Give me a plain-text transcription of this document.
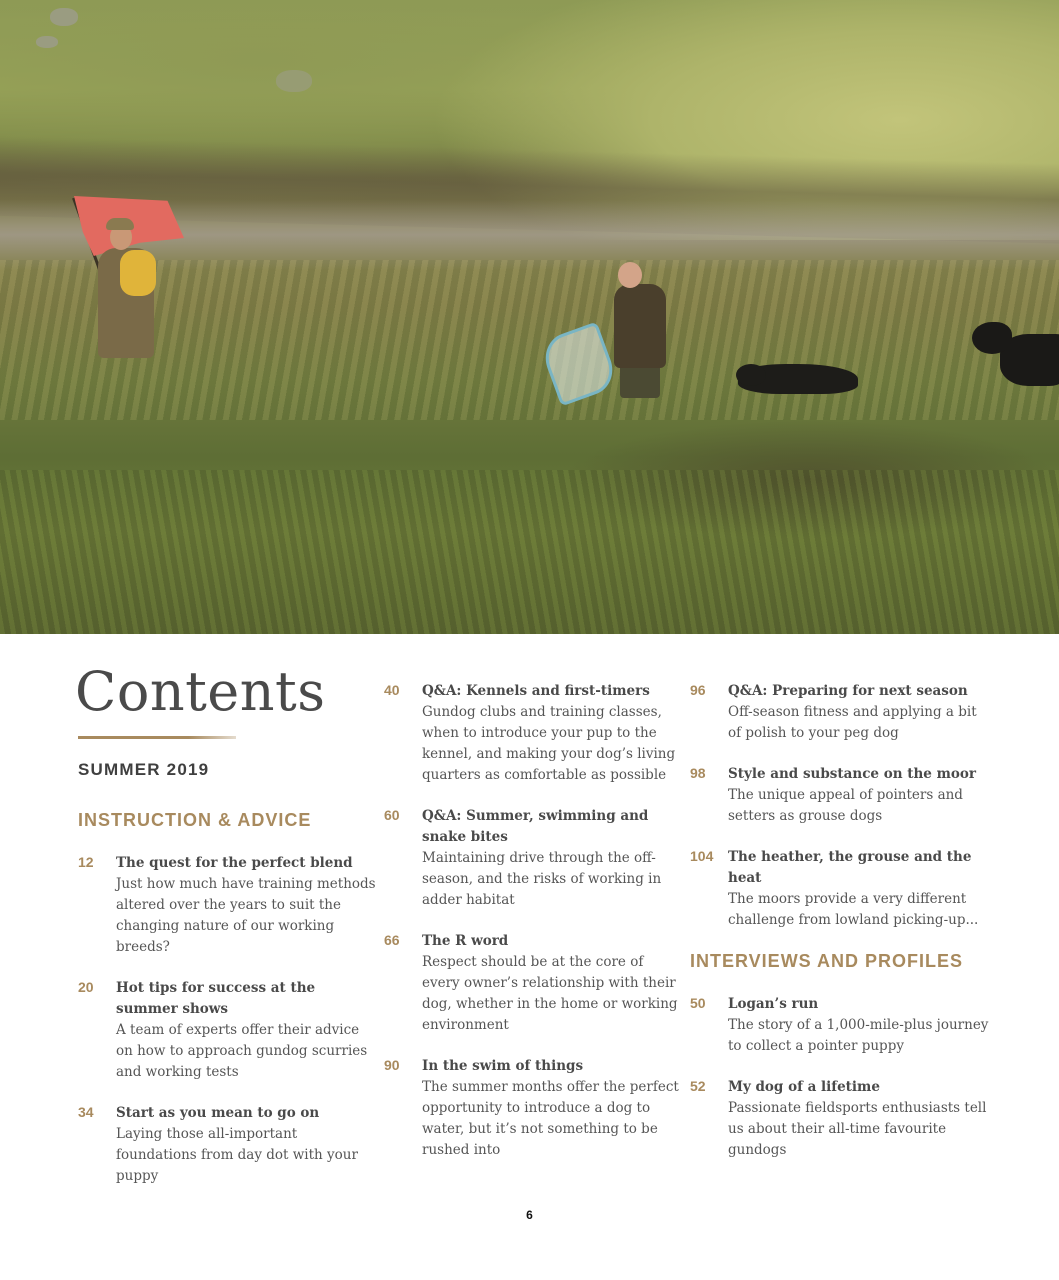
Contents
SUMMER 2019
INSTRUCTION & ADVICE
12 The quest for the perfect blend
Just how much have training methods altered over the years to suit the changing nature of our working breeds?
20 Hot tips for success at the summer shows
A team of experts offer their advice on how to approach gundog scurries and working tests
34 Start as you mean to go on
Laying those all-important foundations from day dot with your puppy
40 Q&A: Kennels and first-timers
Gundog clubs and training classes, when to introduce your pup to the kennel, and making your dog’s living quarters as comfortable as possible
60 Q&A: Summer, swimming and snake bites
Maintaining drive through the off-season, and the risks of working in adder habitat
66 The R word
Respect should be at the core of every owner’s relationship with their dog, whether in the home or working environment
90 In the swim of things
The summer months offer the perfect opportunity to introduce a dog to water, but it’s not something to be rushed into
96 Q&A: Preparing for next season
Off-season fitness and applying a bit of polish to your peg dog
98 Style and substance on the moor
The unique appeal of pointers and setters as grouse dogs
104 The heather, the grouse and the heat
The moors provide a very different challenge from lowland picking-up...
INTERVIEWS AND PROFILES
50 Logan’s run
The story of a 1,000-mile-plus journey to collect a pointer puppy
52 My dog of a lifetime
Passionate fieldsports enthusiasts tell us about their all-time favourite gundogs
6
